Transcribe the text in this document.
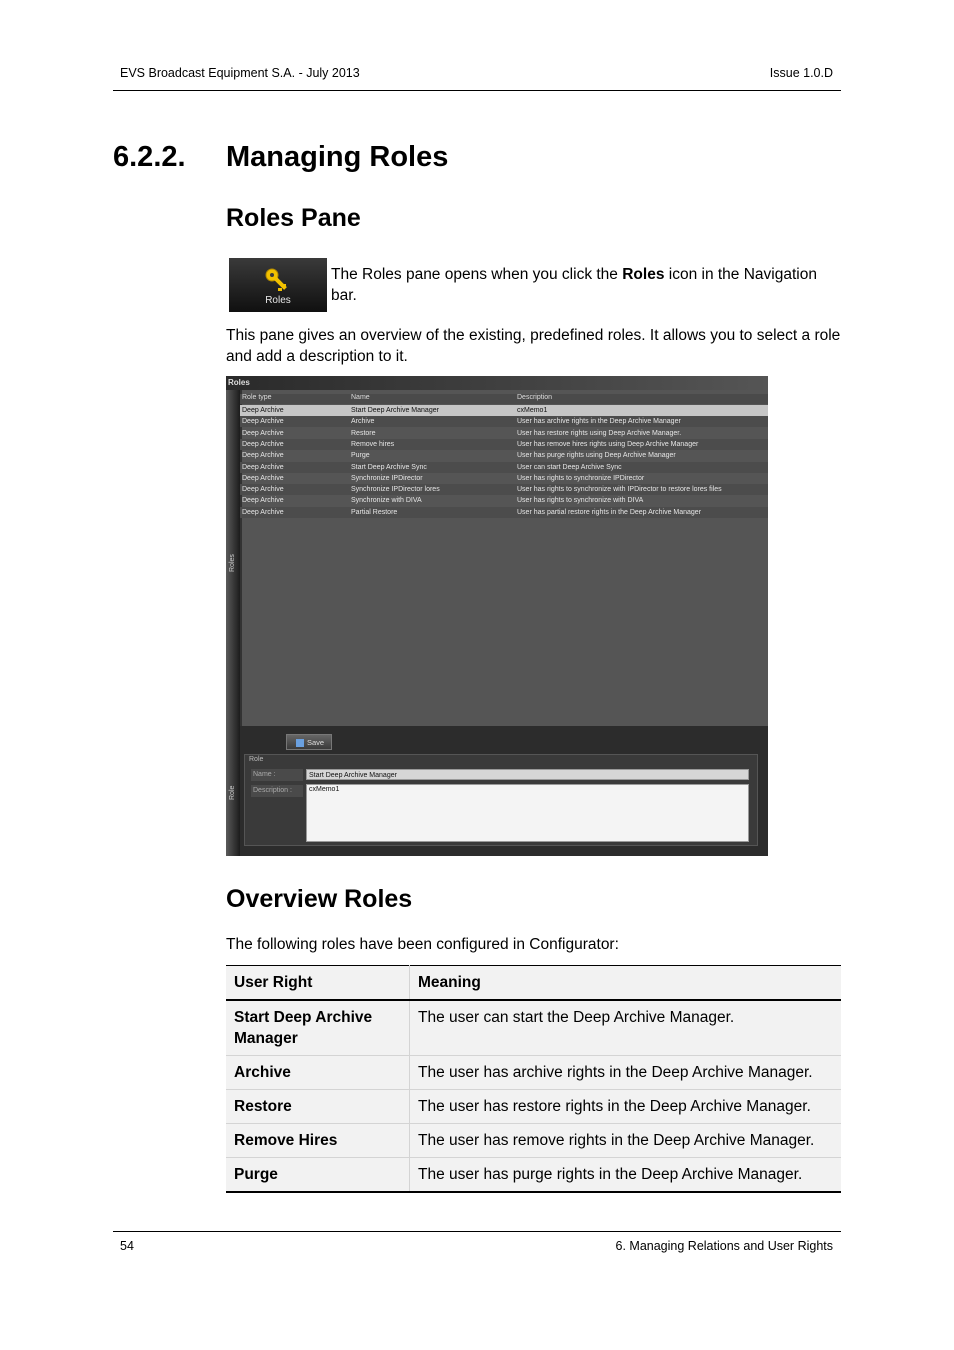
EVS Broadcast Equipment S.A. - July 2013	Issue 1.0.D
6.2.2. Managing Roles
Roles Pane
Roles
The Roles pane opens when you click the Roles icon in the Navigation bar.
This pane gives an overview of the existing, predefined roles. It allows you to select a role and add a description to it.
Roles
Roles
Role
Role type	Name	Description
Deep Archive	Start Deep Archive Manager	cxMemo1
Deep Archive	Archive	User has archive rights in the Deep Archive Manager
Deep Archive	Restore	User has restore rights using Deep Archive Manager.
Deep Archive	Remove hires	User has remove hires rights using Deep Archive Manager
Deep Archive	Purge	User has purge rights using Deep Archive Manager
Deep Archive	Start Deep Archive Sync	User can start Deep Archive Sync
Deep Archive	Synchronize IPDirector	User has rights to synchronize IPDirector
Deep Archive	Synchronize IPDirector lores	User has rights to synchronize with IPDirector to restore lores files
Deep Archive	Synchronize with DIVA	User has rights to synchronize with DIVA
Deep Archive	Partial Restore	User has partial restore rights in the Deep Archive Manager
Save
Role
Name :	Start Deep Archive Manager
Description :	cxMemo1
Overview Roles
The following roles have been configured in Configurator:
User Right	Meaning
Start Deep Archive Manager	The user can start the Deep Archive Manager.
Archive	The user has archive rights in the Deep Archive Manager.
Restore	The user has restore rights in the Deep Archive Manager.
Remove Hires	The user has remove rights in the Deep Archive Manager.
Purge	The user has purge rights in the Deep Archive Manager.
54	6. Managing Relations and User Rights
